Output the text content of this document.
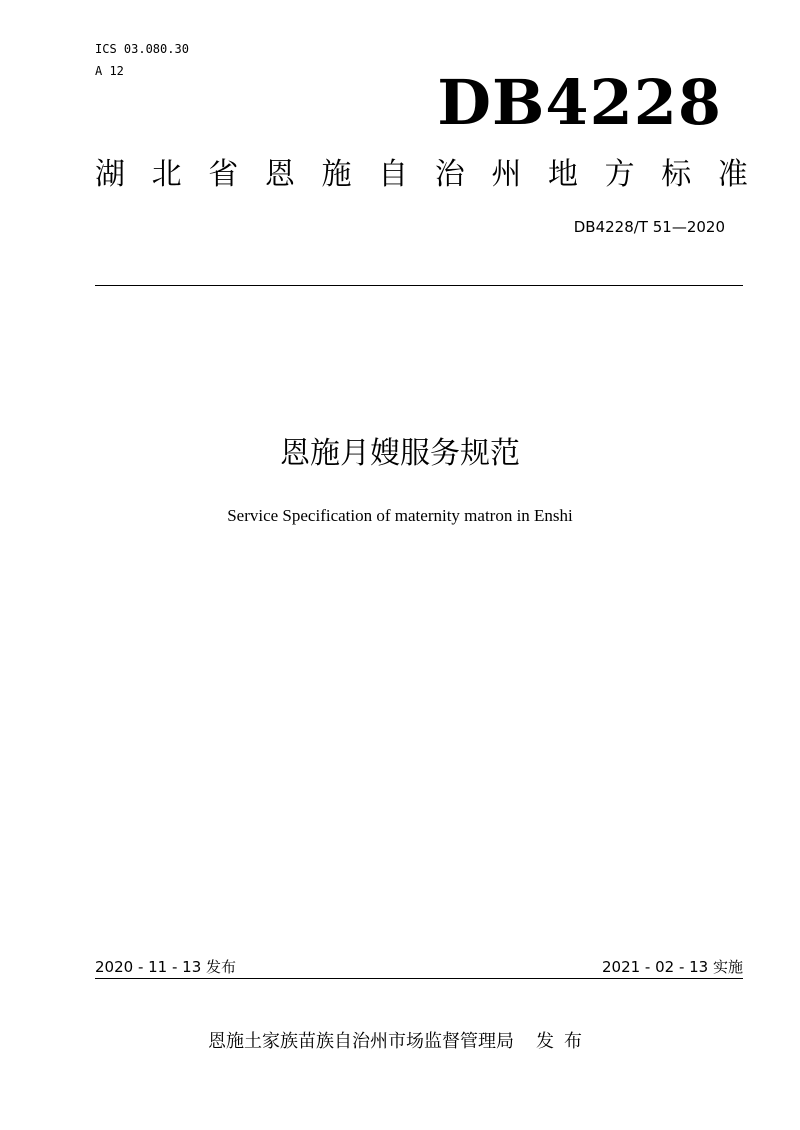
ICS 03.080.30
A 12	DB4228
湖 北 省 恩 施 自 治 州 地 方 标 准
DB4228/T 51—2020
恩施月嫂服务规范
Service Specification of maternity matron in Enshi
2020 - 11 - 13 发布	2021 - 02 - 13 实施
恩施土家族苗族自治州市场监督管理局 发布
